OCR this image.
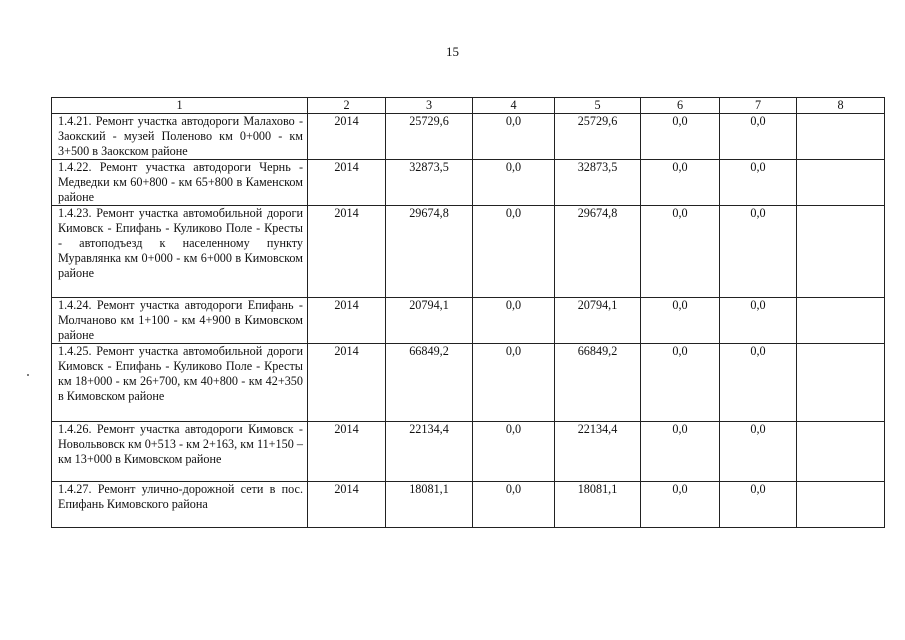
15
1	2	3	4	5	6	7	8
1.4.21. Ремонт участка автодороги Малахово - Заокский - музей Поленово км 0+000 - км 3+500 в Заокском районе	2014	25729,6	0,0	25729,6	0,0	0,0	
1.4.22. Ремонт участка автодороги Чернь - Медведки км 60+800 - км 65+800 в Каменском районе	2014	32873,5	0,0	32873,5	0,0	0,0	
1.4.23. Ремонт участка автомобильной дороги Кимовск - Епифань - Куликово Поле - Кресты - автоподъезд к населенному пункту Муравлянка км 0+000 - км 6+000 в Кимовском районе	2014	29674,8	0,0	29674,8	0,0	0,0	
1.4.24. Ремонт участка автодороги Епифань - Молчаново км 1+100 - км 4+900 в Кимовском районе	2014	20794,1	0,0	20794,1	0,0	0,0	
1.4.25. Ремонт участка автомобильной дороги Кимовск - Епифань - Куликово Поле - Кресты км 18+000 - км 26+700, км 40+800 - км 42+350 в Кимовском районе	2014	66849,2	0,0	66849,2	0,0	0,0	
1.4.26. Ремонт участка автодороги Кимовск - Новольвовск км 0+513 - км 2+163, км 11+150 – км 13+000 в Кимовском районе	2014	22134,4	0,0	22134,4	0,0	0,0	
1.4.27. Ремонт улично-дорожной сети в пос. Епифань Кимовского района	2014	18081,1	0,0	18081,1	0,0	0,0	
